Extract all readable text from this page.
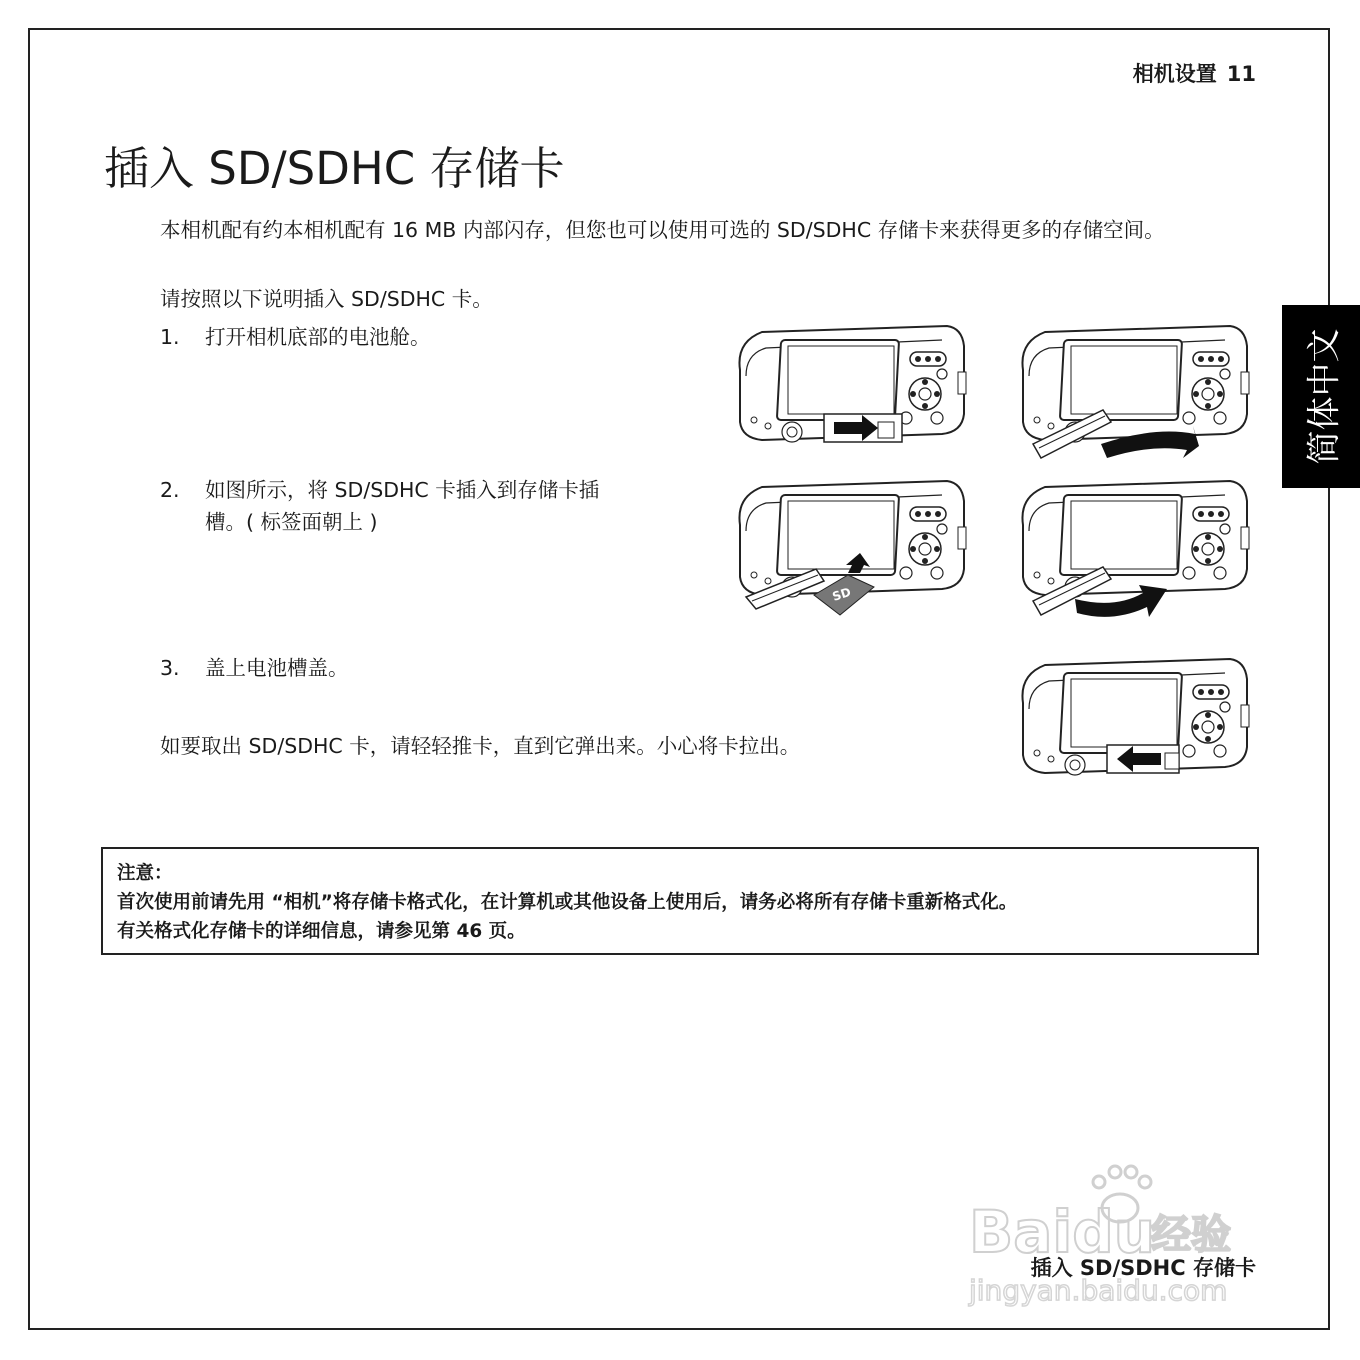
相机设置 11
插入 SD/SDHC 存储卡

本相机配有约本相机配有 16 MB 内部闪存，但您也可以使用可选的 SD/SDHC 存储卡来获得更多的存储空间。

请按照以下说明插入 SD/SDHC 卡。

1. 打开相机底部的电池舱。
2. 如图所示，将 SD/SDHC 卡插入到存储卡插槽。( 标签面朝上 )
3. 盖上电池槽盖。

如要取出 SD/SDHC 卡，请轻轻推卡，直到它弹出来。小心将卡拉出。

简体中文
SD
注意：
首次使用前请先用 “相机”将存储卡格式化，在计算机或其他设备上使用后，请务必将所有存储卡重新格式化。
有关格式化存储卡的详细信息，请参见第 46 页。
Baidu
经验
jingyan.baidu.com
插入 SD/SDHC 存储卡
